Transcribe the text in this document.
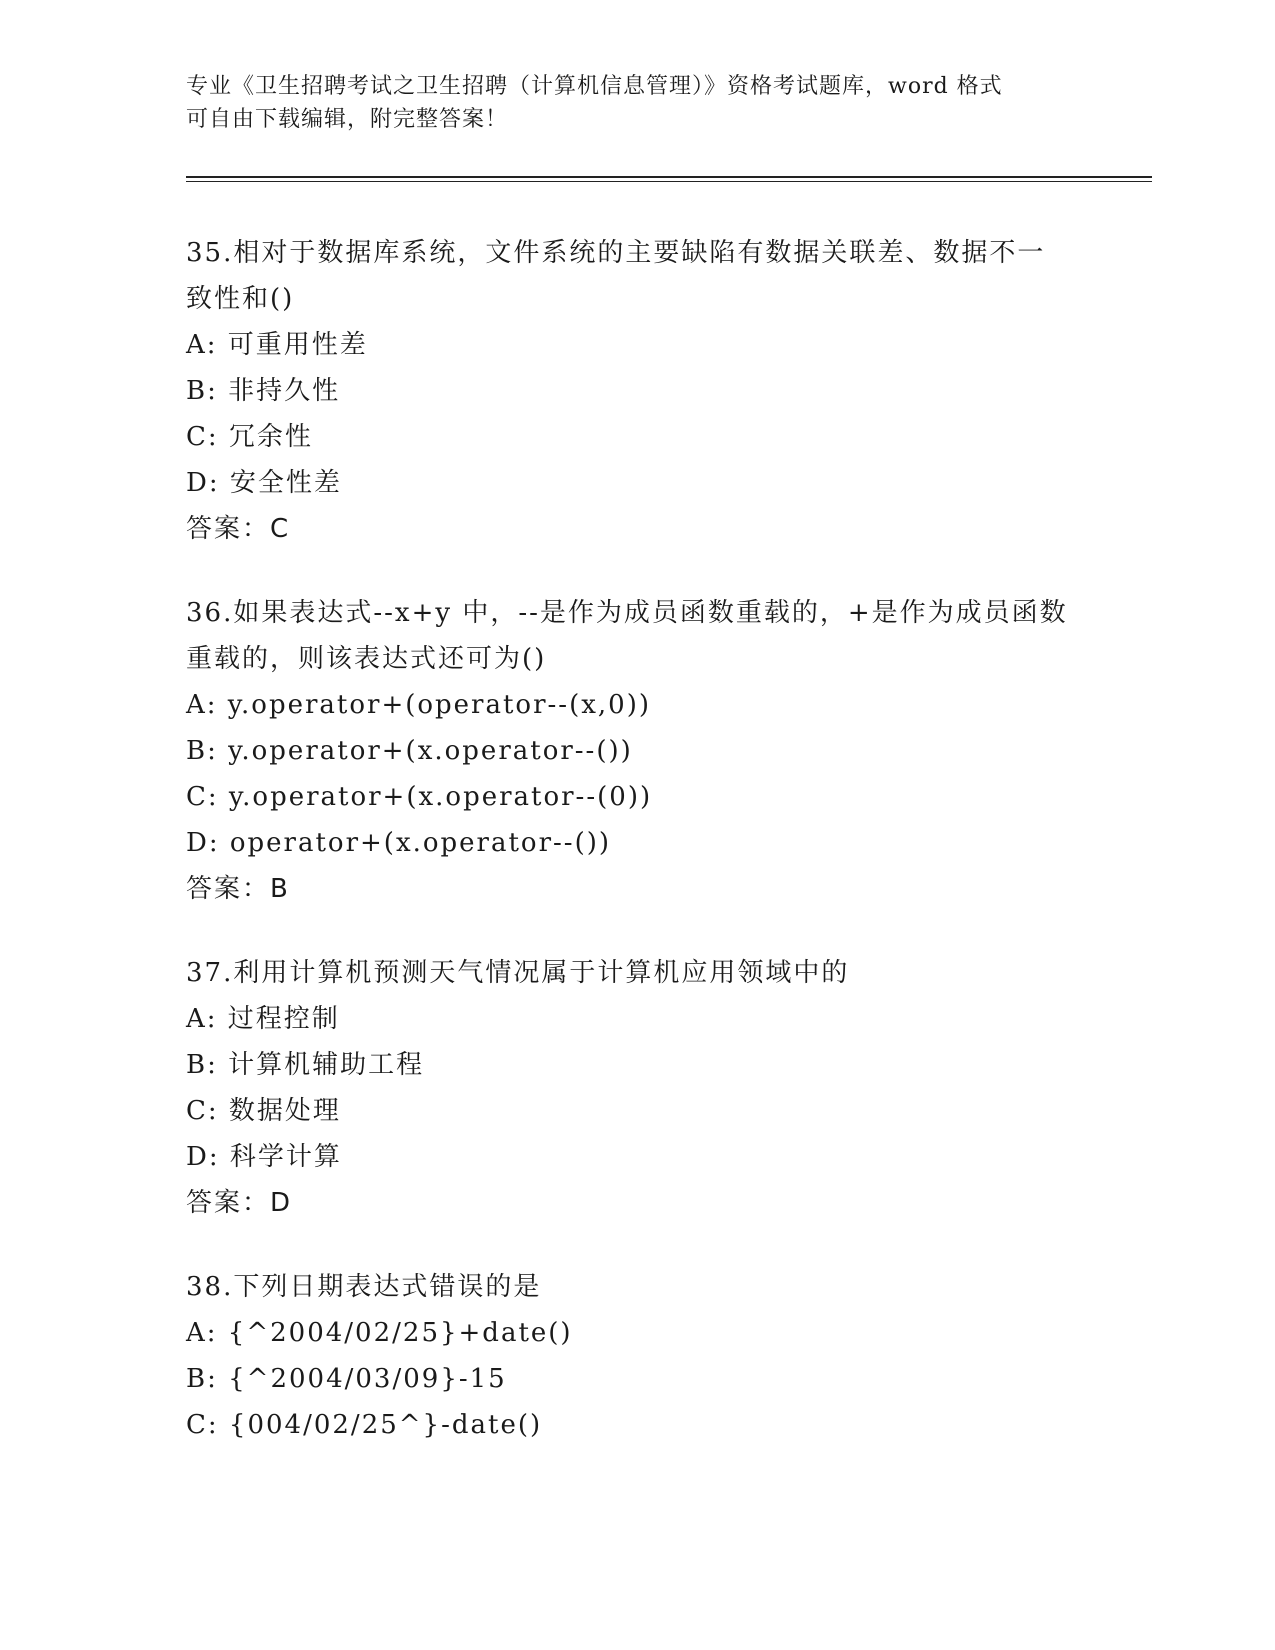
专业《卫生招聘考试之卫生招聘（计算机信息管理）》资格考试题库，word 格式
可自由下载编辑，附完整答案！
35.相对于数据库系统，文件系统的主要缺陷有数据关联差、数据不一
致性和()
A: 可重用性差
B: 非持久性
C: 冗余性
D: 安全性差
答案：C
36.如果表达式--x+y 中，--是作为成员函数重载的，+是作为成员函数
重载的，则该表达式还可为()
A: y.operator+(operator--(x,0))
B: y.operator+(x.operator--())
C: y.operator+(x.operator--(0))
D: operator+(x.operator--())
答案：B
37.利用计算机预测天气情况属于计算机应用领域中的
A: 过程控制
B: 计算机辅助工程
C: 数据处理
D: 科学计算
答案：D
38.下列日期表达式错误的是
A: {^2004/02/25}+date()
B: {^2004/03/09}-15
C: {004/02/25^}-date()
